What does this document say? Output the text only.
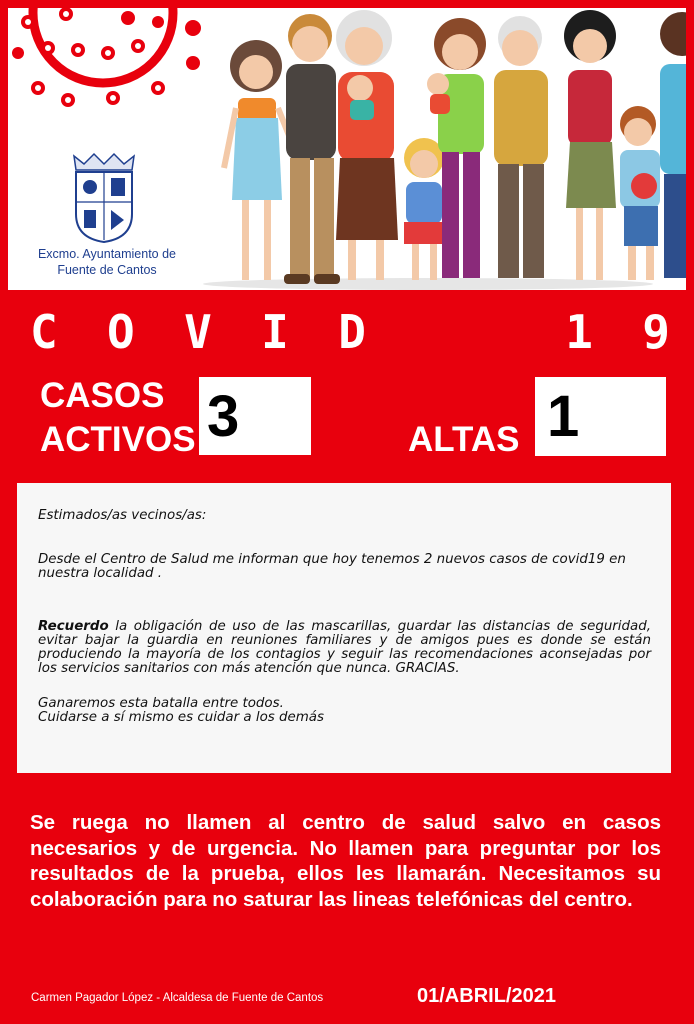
Excmo. Ayuntamiento de
Fuente de Cantos
C O V I D	1 9
CASOS
ACTIVOS 3	ALTAS 1

Estimados/as vecinos/as:

Desde el Centro de Salud me informan que hoy tenemos 2 nuevos casos de covid19 en nuestra localidad .

Recuerdo la obligación de uso de las mascarillas, guardar las distancias de seguridad, evitar bajar la guardia en reuniones familiares y de amigos pues es donde se están produciendo la mayoría de los contagios y seguir las recomendaciones aconsejadas por los servicios sanitarios con más atención que nunca. GRACIAS.

Ganaremos esta batalla entre todos.

Cuidarse a sí mismo es cuidar a los demás

Se ruega no llamen al centro de salud salvo en casos necesarios y de urgencia. No llamen para preguntar por los resultados de la prueba, ellos les llamarán. Necesitamos su colaboración para no saturar las lineas telefónicas del centro.
Carmen Pagador López - Alcaldesa de Fuente de Cantos	01/ABRIL/2021
